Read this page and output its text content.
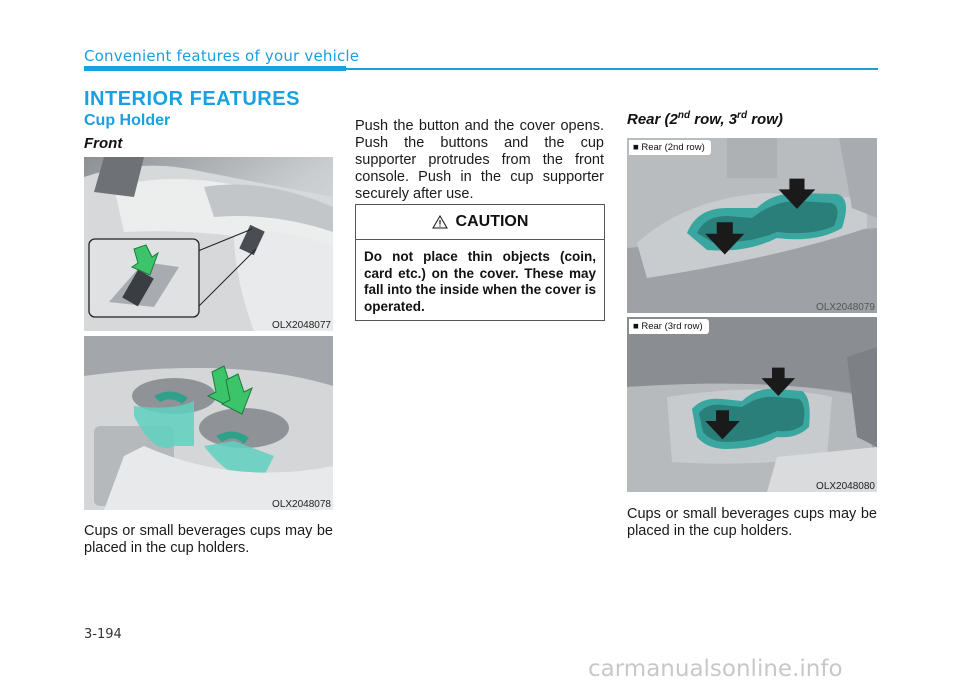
Convenient features of your vehicle
INTERIOR FEATURES
Cup Holder
Front
OLX2048077
OLX2048078
Cups or small beverages cups may be placed in the cup holders.
Push the button and the cover opens. Push the buttons and the cup supporter protrudes from the front console. Push in the cup supporter securely after use.
CAUTION
Do not place thin objects (coin, card etc.) on the cover. These may fall into the inside when the cover is operated.
Rear (2nd row, 3rd row)
■ Rear (2nd row)
OLX2048079
■ Rear (3rd row)
OLX2048080
Cups or small beverages cups may be placed in the cup holders.
3-194
carmanualsonline.info
